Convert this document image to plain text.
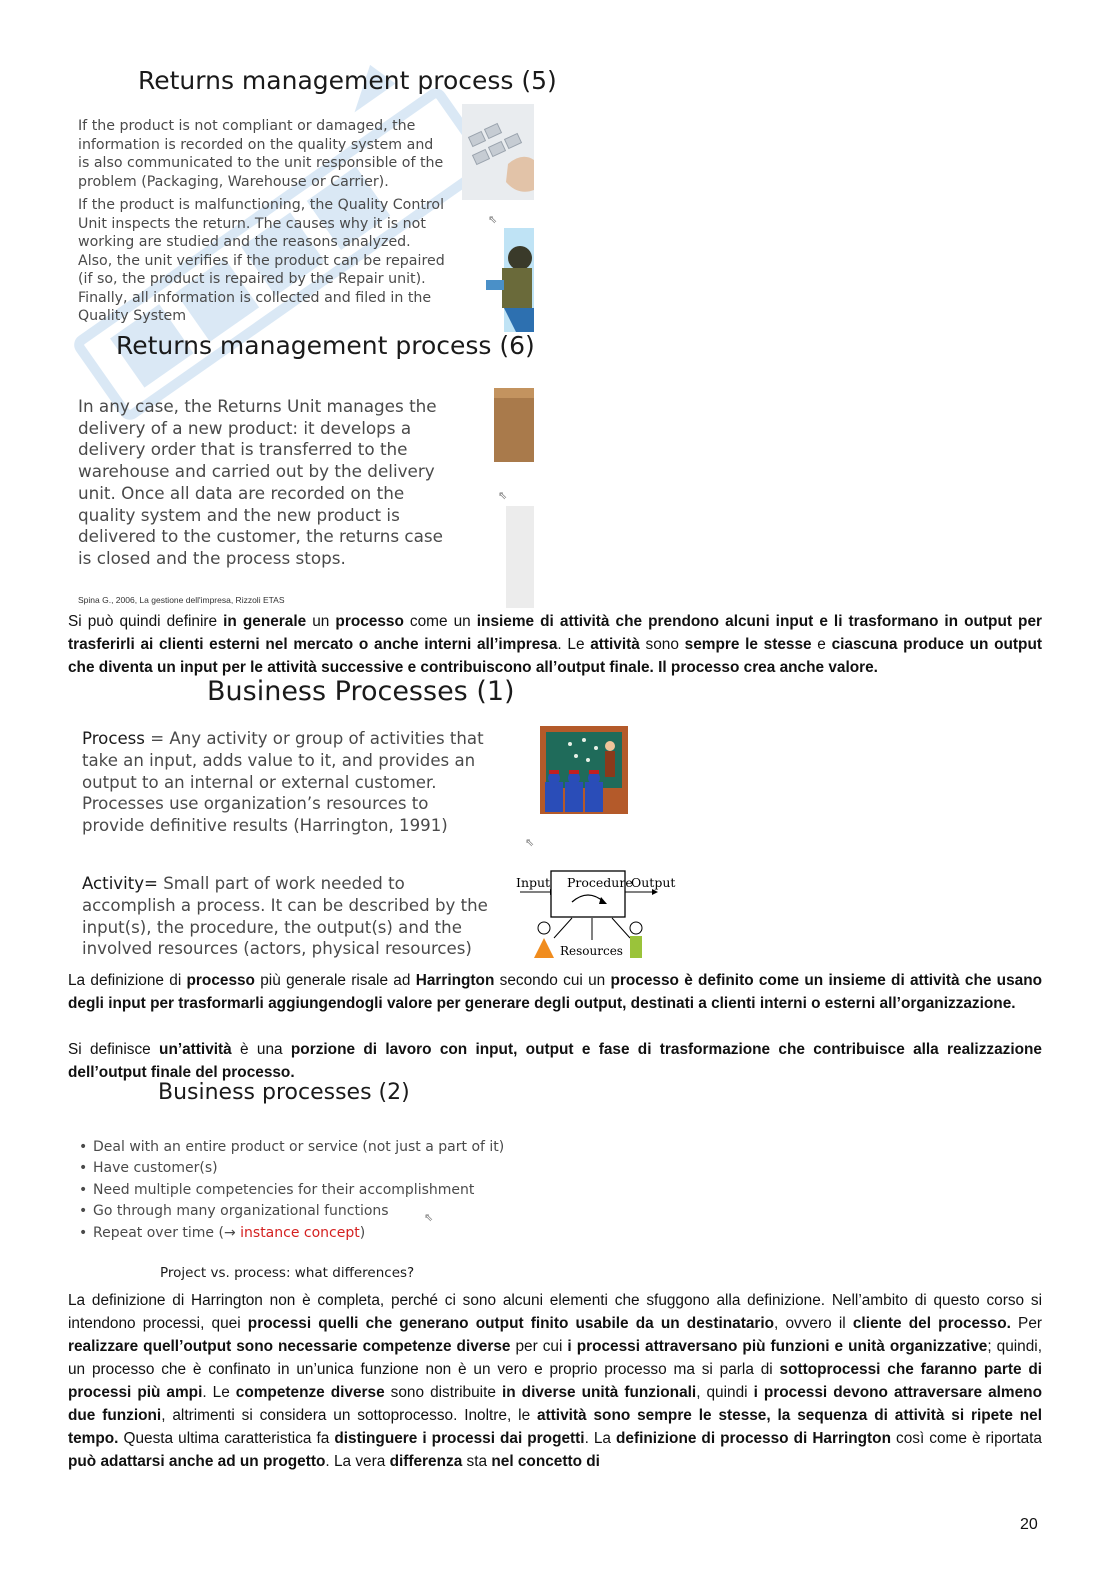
Returns management process (5)
If the product is not compliant or damaged, the information is recorded on the quality system and is also communicated to the unit responsible of the problem (Packaging, Warehouse or Carrier).
If the product is malfunctioning, the Quality Control Unit inspects the return. The causes why it is not working are studied and the reasons analyzed. Also, the unit verifies if the product can be repaired (if so, the product is repaired by the Repair unit). Finally, all information is collected and filed in the Quality System
⇖
Returns management process (6)
In any case, the Returns Unit manages the delivery of a new product: it develops a delivery order that is transferred to the warehouse and carried out by the delivery unit. Once all data are recorded on the quality system and the new product is delivered to the customer, the returns case is closed and the process stops.
⇖
Spina G., 2006, La gestione dell'impresa, Rizzoli ETAS
Si può quindi definire in generale un processo come un insieme di attività che prendono alcuni input e li trasformano in output per trasferirli ai clienti esterni nel mercato o anche interni all’impresa. Le attività sono sempre le stesse e ciascuna produce un output che diventa un input per le attività successive e contribuiscono all’output finale. Il processo crea anche valore.
Business Processes (1)
Process = Any activity or group of activities that take an input, adds value to it, and provides an output to an internal or external customer. Processes use organization’s resources to provide definitive results (Harrington, 1991)
⇖
Activity= Small part of work needed to accomplish a process. It can be described by the input(s), the procedure, the output(s) and the involved resources (actors, physical resources)
Input Procedure
Output
Resources
La definizione di processo più generale risale ad Harrington secondo cui un processo è definito come un insieme di attività che usano degli input per trasformarli aggiungendogli valore per generare degli output, destinati a clienti interni o esterni all’organizzazione.
Si definisce un’attività è una porzione di lavoro con input, output e fase di trasformazione che contribuisce alla realizzazione dell’output finale del processo.
Business processes (2)
• Deal with an entire product or service (not just a part of it)
• Have customer(s)
• Need multiple competencies for their accomplishment
• Go through many organizational functions
• Repeat over time (→ instance concept)
⇖
Project vs. process: what differences?
La definizione di Harrington non è completa, perché ci sono alcuni elementi che sfuggono alla definizione. Nell’ambito di questo corso si intendono processi, quei processi quelli che generano output finito usabile da un destinatario, ovvero il cliente del processo. Per realizzare quell’output sono necessarie competenze diverse per cui i processi attraversano più funzioni e unità organizzative; quindi, un processo che è confinato in un’unica funzione non è un vero e proprio processo ma si parla di sottoprocessi che faranno parte di processi più ampi. Le competenze diverse sono distribuite in diverse unità funzionali, quindi i processi devono attraversare almeno due funzioni, altrimenti si considera un sottoprocesso. Inoltre, le attività sono sempre le stesse, la sequenza di attività si ripete nel tempo. Questa ultima caratteristica fa distinguere i processi dai progetti. La definizione di processo di Harrington così come è riportata può adattarsi anche ad un progetto. La vera differenza sta nel concetto di
20
